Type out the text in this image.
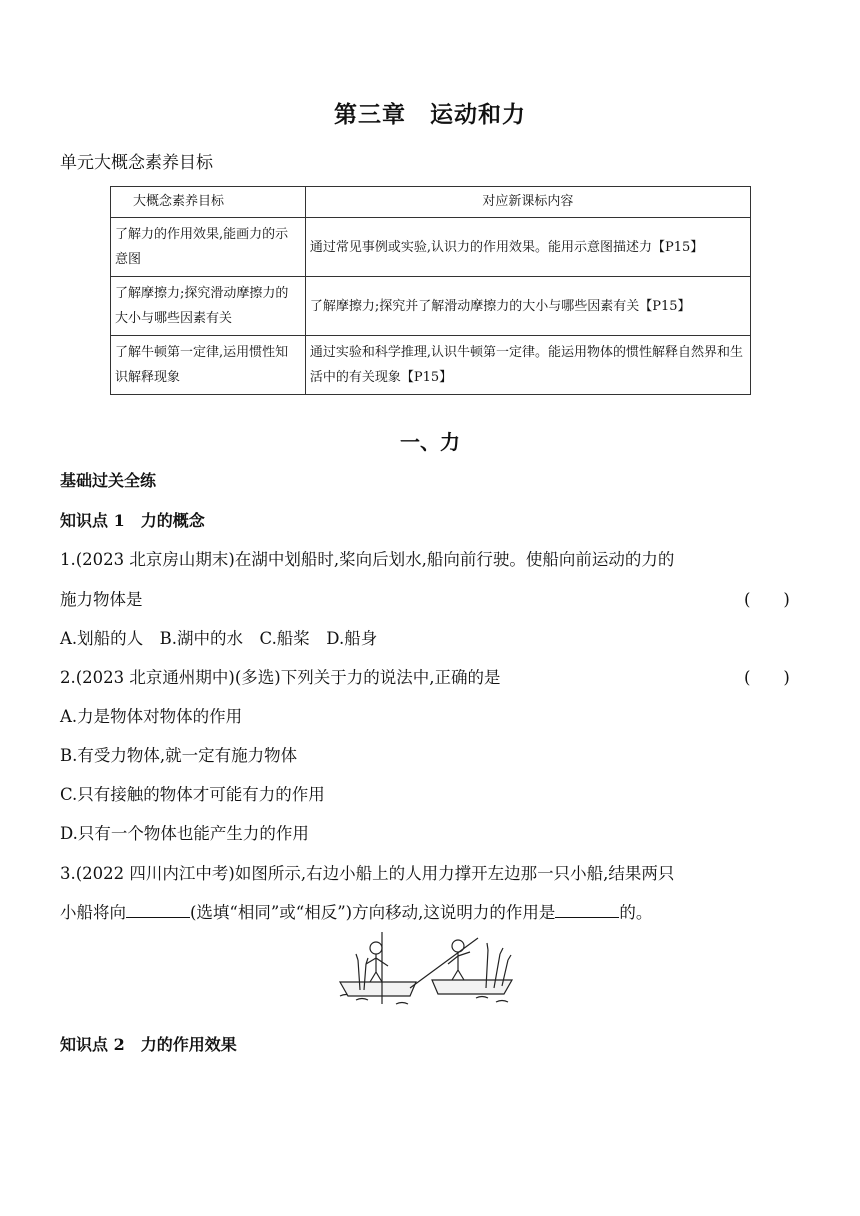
第三章　运动和力
单元大概念素养目标
大概念素养目标	对应新课标内容
了解力的作用效果,能画力的示意图	通过常见事例或实验,认识力的作用效果。能用示意图描述力【P15】
了解摩擦力;探究滑动摩擦力的大小与哪些因素有关	了解摩擦力;探究并了解滑动摩擦力的大小与哪些因素有关【P15】
了解牛顿第一定律,运用惯性知识解释现象	通过实验和科学推理,认识牛顿第一定律。能运用物体的惯性解释自然界和生活中的有关现象【P15】
一、力
基础过关全练
知识点 1　力的概念
1.(2023 北京房山期末)在湖中划船时,桨向后划水,船向前行驶。使船向前运动的力的
施力物体是	(　　)
A.划船的人　B.湖中的水　C.船桨　D.船身
2.(2023 北京通州期中)(多选)下列关于力的说法中,正确的是	(　　)
A.力是物体对物体的作用
B.有受力物体,就一定有施力物体
C.只有接触的物体才可能有力的作用
D.只有一个物体也能产生力的作用
3.(2022 四川内江中考)如图所示,右边小船上的人用力撑开左边那一只小船,结果两只
小船将向	(选填“相同”或“相反”)方向移动,这说明力的作用是	的。
知识点 2　力的作用效果
